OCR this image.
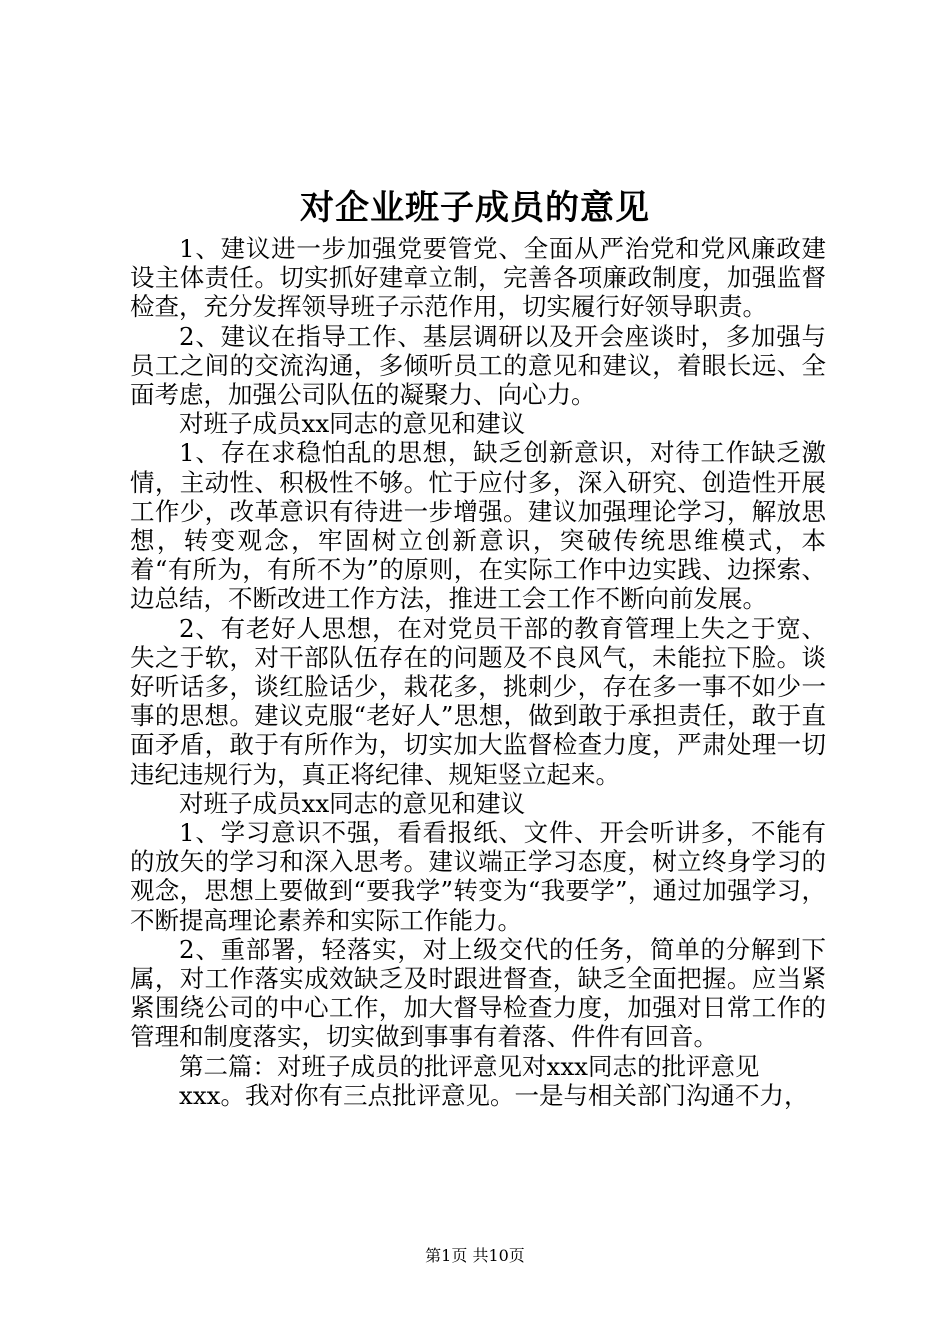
对企业班子成员的意见

1、建议进一步加强党要管党、全面从严治党和党风廉政建设主体责任。切实抓好建章立制，完善各项廉政制度，加强监督检查，充分发挥领导班子示范作用，切实履行好领导职责。

2、建议在指导工作、基层调研以及开会座谈时，多加强与员工之间的交流沟通，多倾听员工的意见和建议，着眼长远、全面考虑，加强公司队伍的凝聚力、向心力。

对班子成员xx同志的意见和建议

1、存在求稳怕乱的思想，缺乏创新意识，对待工作缺乏激情，主动性、积极性不够。忙于应付多，深入研究、创造性开展工作少，改革意识有待进一步增强。建议加强理论学习，解放思想，转变观念，牢固树立创新意识，突破传统思维模式，本着“有所为，有所不为”的原则，在实际工作中边实践、边探索、边总结，不断改进工作方法，推进工会工作不断向前发展。

2、有老好人思想，在对党员干部的教育管理上失之于宽、失之于软，对干部队伍存在的问题及不良风气，未能拉下脸。谈好听话多，谈红脸话少，栽花多，挑刺少，存在多一事不如少一事的思想。建议克服“老好人”思想，做到敢于承担责任，敢于直面矛盾，敢于有所作为，切实加大监督检查力度，严肃处理一切违纪违规行为，真正将纪律、规矩竖立起来。

对班子成员xx同志的意见和建议

1、学习意识不强，看看报纸、文件、开会听讲多，不能有的放矢的学习和深入思考。建议端正学习态度，树立终身学习的观念，思想上要做到“要我学”转变为“我要学”，通过加强学习，不断提高理论素养和实际工作能力。

2、重部署，轻落实，对上级交代的任务，简单的分解到下属，对工作落实成效缺乏及时跟进督查，缺乏全面把握。应当紧紧围绕公司的中心工作，加大督导检查力度，加强对日常工作的管理和制度落实，切实做到事事有着落、件件有回音。

第二篇：对班子成员的批评意见对xxx同志的批评意见

xxx。我对你有三点批评意见。一是与相关部门沟通不力，

第1页 共10页
